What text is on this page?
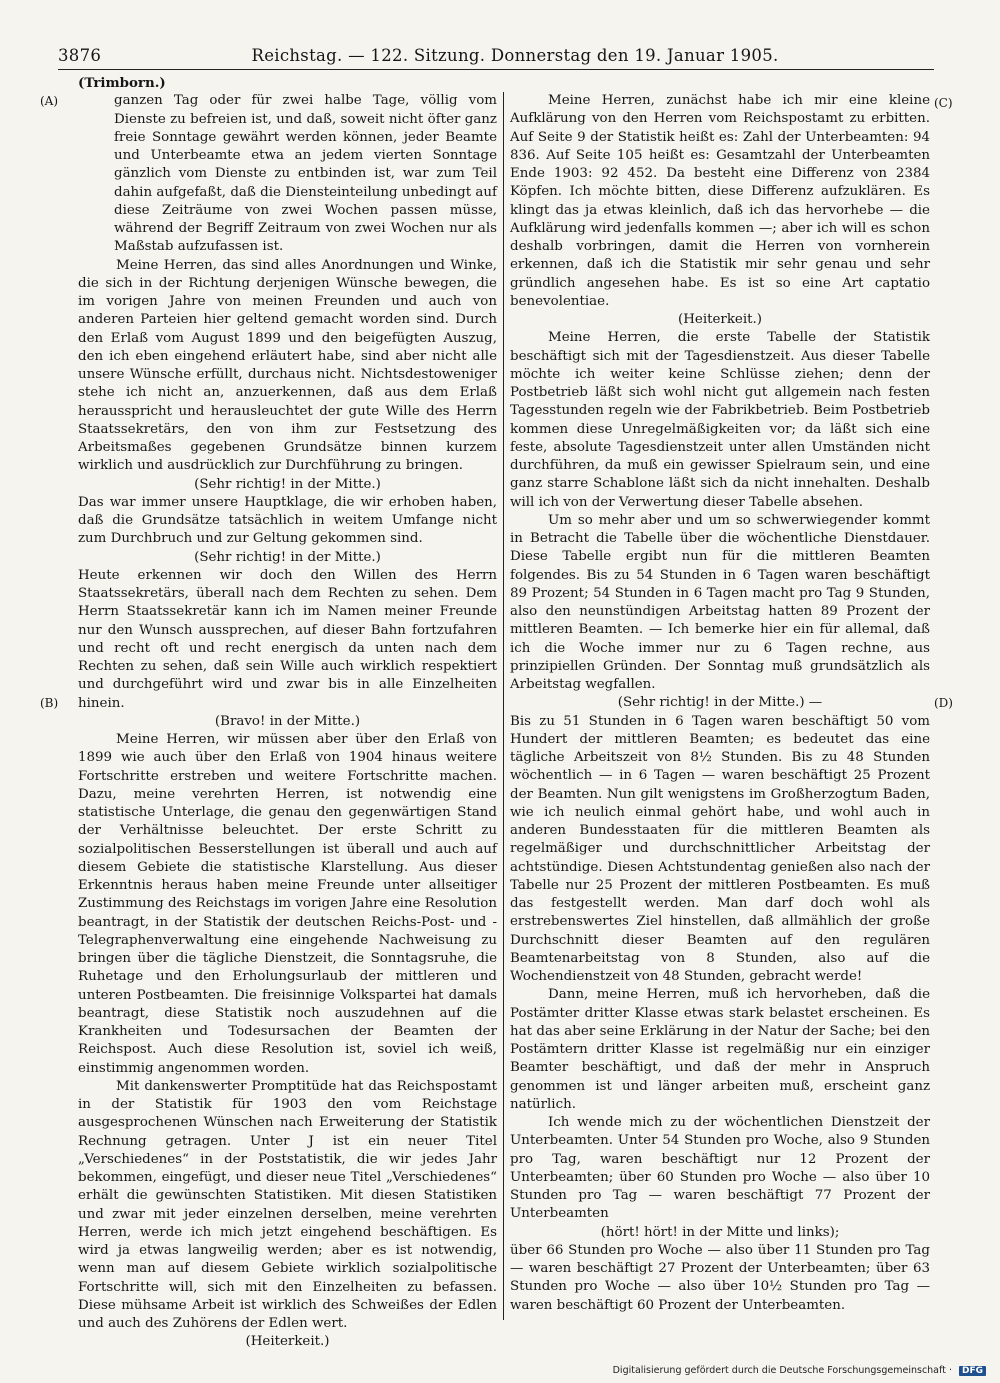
3876	Reichstag. — 122. Sitzung. Donnerstag den 19. Januar 1905.
(A)
(B)
(C)
(D)

(Trimborn.)

ganzen Tag oder für zwei halbe Tage, völlig vom Dienste zu befreien ist, und daß, soweit nicht öfter ganz freie Sonntage gewährt werden können, jeder Beamte und Unterbeamte etwa an jedem vierten Sonntage gänzlich vom Dienste zu entbinden ist, war zum Teil dahin aufgefaßt, daß die Diensteinteilung unbedingt auf diese Zeiträume von zwei Wochen passen müsse, während der Begriff Zeitraum von zwei Wochen nur als Maßstab aufzufassen ist.

Meine Herren, das sind alles Anordnungen und Winke, die sich in der Richtung derjenigen Wünsche bewegen, die im vorigen Jahre von meinen Freunden und auch von anderen Parteien hier geltend gemacht worden sind. Durch den Erlaß vom August 1899 und den beigefügten Auszug, den ich eben eingehend erläutert habe, sind aber nicht alle unsere Wünsche erfüllt, durchaus nicht. Nichtsdestoweniger stehe ich nicht an, anzuerkennen, daß aus dem Erlaß herausspricht und herausleuchtet der gute Wille des Herrn Staatssekretärs, den von ihm zur Festsetzung des Arbeitsmaßes gegebenen Grundsätze binnen kurzem wirklich und ausdrücklich zur Durchführung zu bringen.

(Sehr richtig! in der Mitte.)

Das war immer unsere Hauptklage, die wir erhoben haben, daß die Grundsätze tatsächlich in weitem Umfange nicht zum Durchbruch und zur Geltung gekommen sind.

(Sehr richtig! in der Mitte.)

Heute erkennen wir doch den Willen des Herrn Staatssekretärs, überall nach dem Rechten zu sehen. Dem Herrn Staatssekretär kann ich im Namen meiner Freunde nur den Wunsch aussprechen, auf dieser Bahn fortzufahren und recht oft und recht energisch da unten nach dem Rechten zu sehen, daß sein Wille auch wirklich respektiert und durchgeführt wird und zwar bis in alle Einzelheiten hinein.

(Bravo! in der Mitte.)

Meine Herren, wir müssen aber über den Erlaß von 1899 wie auch über den Erlaß von 1904 hinaus weitere Fortschritte erstreben und weitere Fortschritte machen. Dazu, meine verehrten Herren, ist notwendig eine statistische Unterlage, die genau den gegenwärtigen Stand der Verhältnisse beleuchtet. Der erste Schritt zu sozialpolitischen Besserstellungen ist überall und auch auf diesem Gebiete die statistische Klarstellung. Aus dieser Erkenntnis heraus haben meine Freunde unter allseitiger Zustimmung des Reichstags im vorigen Jahre eine Resolution beantragt, in der Statistik der deutschen Reichs-Post- und -Telegraphenverwaltung eine eingehende Nachweisung zu bringen über die tägliche Dienstzeit, die Sonntagsruhe, die Ruhetage und den Erholungsurlaub der mittleren und unteren Postbeamten. Die freisinnige Volkspartei hat damals beantragt, diese Statistik noch auszudehnen auf die Krankheiten und Todesursachen der Beamten der Reichspost. Auch diese Resolution ist, soviel ich weiß, einstimmig angenommen worden.

Mit dankenswerter Promptitüde hat das Reichspostamt in der Statistik für 1903 den vom Reichstage ausgesprochenen Wünschen nach Erweiterung der Statistik Rechnung getragen. Unter J ist ein neuer Titel „Verschiedenes“ in der Poststatistik, die wir jedes Jahr bekommen, eingefügt, und dieser neue Titel „Verschiedenes“ erhält die gewünschten Statistiken. Mit diesen Statistiken und zwar mit jeder einzelnen derselben, meine verehrten Herren, werde ich mich jetzt eingehend beschäftigen. Es wird ja etwas langweilig werden; aber es ist notwendig, wenn man auf diesem Gebiete wirklich sozialpolitische Fortschritte will, sich mit den Einzelheiten zu befassen. Diese mühsame Arbeit ist wirklich des Schweißes der Edlen und auch des Zuhörens der Edlen wert.

(Heiterkeit.)

Meine Herren, zunächst habe ich mir eine kleine Aufklärung von den Herren vom Reichspostamt zu erbitten. Auf Seite 9 der Statistik heißt es: Zahl der Unterbeamten: 94 836. Auf Seite 105 heißt es: Gesamtzahl der Unterbeamten Ende 1903: 92 452. Da besteht eine Differenz von 2384 Köpfen. Ich möchte bitten, diese Differenz aufzuklären. Es klingt das ja etwas kleinlich, daß ich das hervorhebe — die Aufklärung wird jedenfalls kommen —; aber ich will es schon deshalb vorbringen, damit die Herren von vornherein erkennen, daß ich die Statistik mir sehr genau und sehr gründlich angesehen habe. Es ist so eine Art captatio benevolentiae.

(Heiterkeit.)

Meine Herren, die erste Tabelle der Statistik beschäftigt sich mit der Tagesdienstzeit. Aus dieser Tabelle möchte ich weiter keine Schlüsse ziehen; denn der Postbetrieb läßt sich wohl nicht gut allgemein nach festen Tagesstunden regeln wie der Fabrikbetrieb. Beim Postbetrieb kommen diese Unregelmäßigkeiten vor; da läßt sich eine feste, absolute Tagesdienstzeit unter allen Umständen nicht durchführen, da muß ein gewisser Spielraum sein, und eine ganz starre Schablone läßt sich da nicht innehalten. Deshalb will ich von der Verwertung dieser Tabelle absehen.

Um so mehr aber und um so schwerwiegender kommt in Betracht die Tabelle über die wöchentliche Dienstdauer. Diese Tabelle ergibt nun für die mittleren Beamten folgendes. Bis zu 54 Stunden in 6 Tagen waren beschäftigt 89 Prozent; 54 Stunden in 6 Tagen macht pro Tag 9 Stunden, also den neunstündigen Arbeitstag hatten 89 Prozent der mittleren Beamten. — Ich bemerke hier ein für allemal, daß ich die Woche immer nur zu 6 Tagen rechne, aus prinzipiellen Gründen. Der Sonntag muß grundsätzlich als Arbeitstag wegfallen.

(Sehr richtig! in der Mitte.) —

Bis zu 51 Stunden in 6 Tagen waren beschäftigt 50 vom Hundert der mittleren Beamten; es bedeutet das eine tägliche Arbeitszeit von 8½ Stunden. Bis zu 48 Stunden wöchentlich — in 6 Tagen — waren beschäftigt 25 Prozent der Beamten. Nun gilt wenigstens im Großherzogtum Baden, wie ich neulich einmal gehört habe, und wohl auch in anderen Bundesstaaten für die mittleren Beamten als regelmäßiger und durchschnittlicher Arbeitstag der achtstündige. Diesen Achtstundentag genießen also nach der Tabelle nur 25 Prozent der mittleren Postbeamten. Es muß das festgestellt werden. Man darf doch wohl als erstrebenswertes Ziel hinstellen, daß allmählich der große Durchschnitt dieser Beamten auf den regulären Beamtenarbeitstag von 8 Stunden, also auf die Wochendienstzeit von 48 Stunden, gebracht werde!

Dann, meine Herren, muß ich hervorheben, daß die Postämter dritter Klasse etwas stark belastet erscheinen. Es hat das aber seine Erklärung in der Natur der Sache; bei den Postämtern dritter Klasse ist regelmäßig nur ein einziger Beamter beschäftigt, und daß der mehr in Anspruch genommen ist und länger arbeiten muß, erscheint ganz natürlich.

Ich wende mich zu der wöchentlichen Dienstzeit der Unterbeamten. Unter 54 Stunden pro Woche, also 9 Stunden pro Tag, waren beschäftigt nur 12 Prozent der Unterbeamten; über 60 Stunden pro Woche — also über 10 Stunden pro Tag — waren beschäftigt 77 Prozent der Unterbeamten

(hört! hört! in der Mitte und links);

über 66 Stunden pro Woche — also über 11 Stunden pro Tag — waren beschäftigt 27 Prozent der Unterbeamten; über 63 Stunden pro Woche — also über 10½ Stunden pro Tag — waren beschäftigt 60 Prozent der Unterbeamten.

Digitalisierung gefördert durch die Deutsche Forschungsgemeinschaft · DFG
